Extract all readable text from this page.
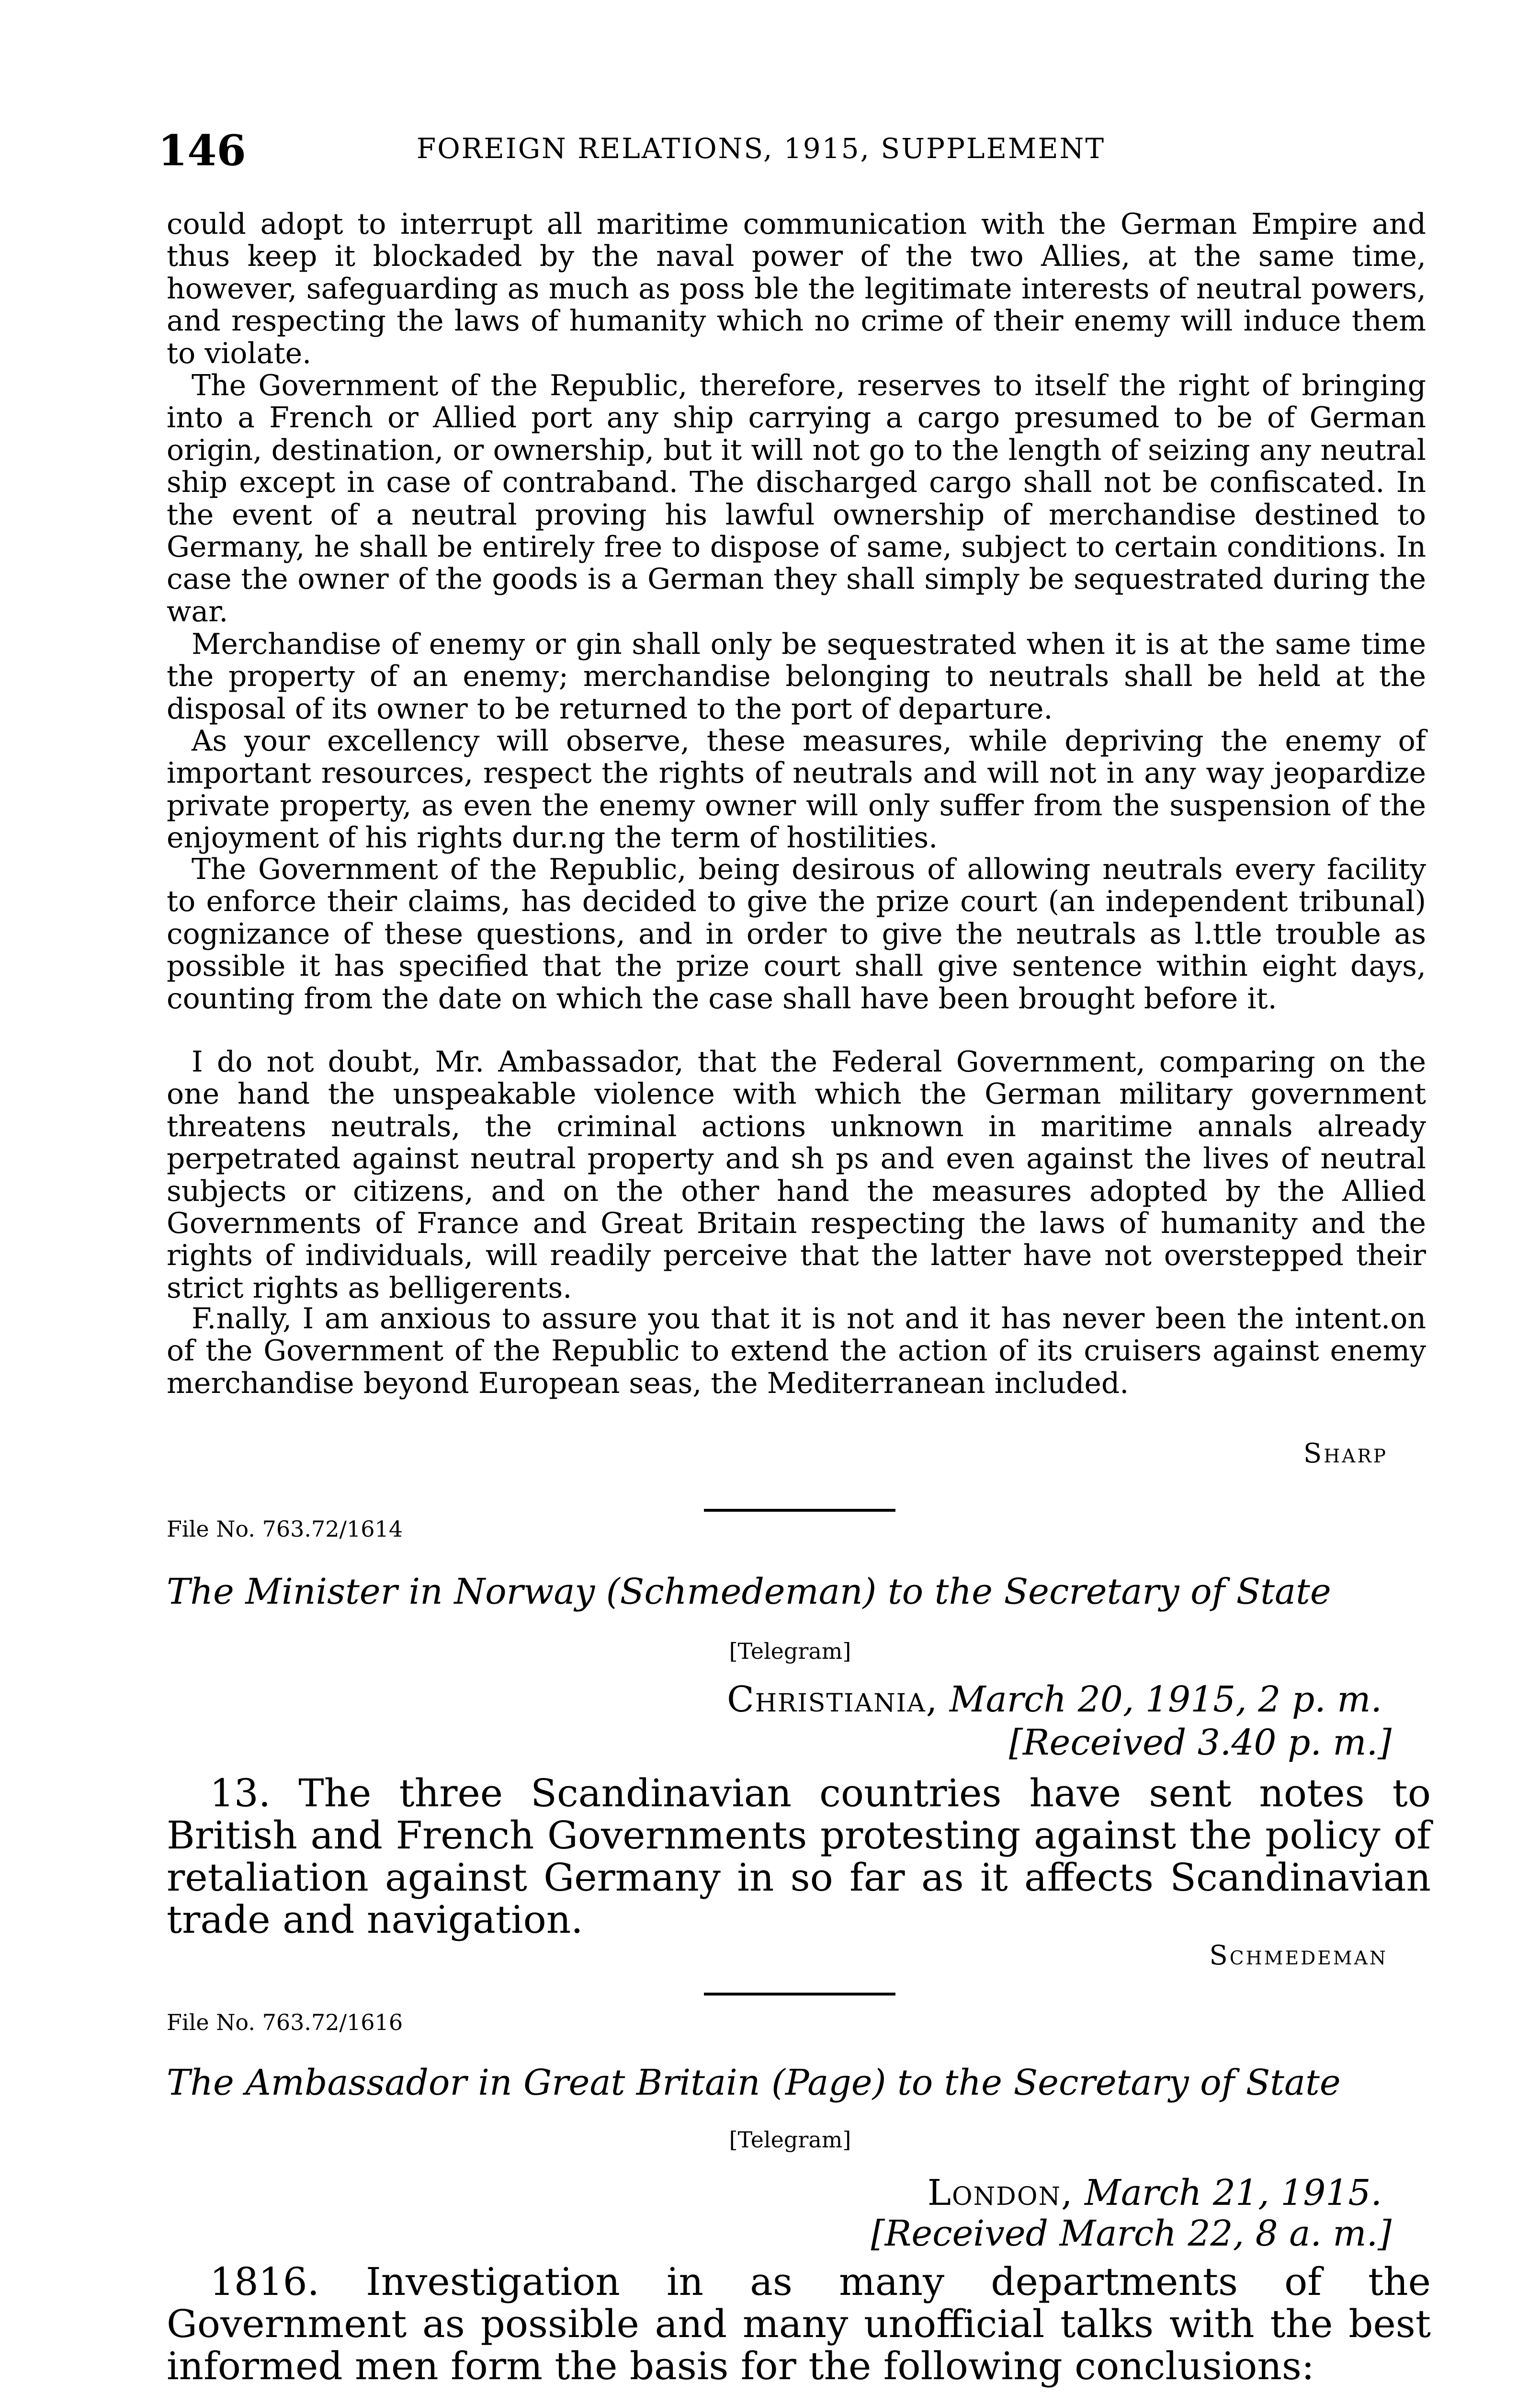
146	FOREIGN RELATIONS, 1915, SUPPLEMENT

could adopt to interrupt all maritime communication with the German Empire and thus keep it blockaded by the naval power of the two Allies, at the same time, however, safeguarding as much as poss ble the legitimate interests of neutral powers, and respecting the laws of humanity which no crime of their enemy will induce them to violate.

The Government of the Republic, therefore, reserves to itself the right of bringing into a French or Allied port any ship carrying a cargo presumed to be of German origin, destination, or ownership, but it will not go to the length of seizing any neutral ship except in case of contraband. The discharged cargo shall not be confiscated. In the event of a neutral proving his lawful ownership of merchandise destined to Germany, he shall be entirely free to dispose of same, subject to certain conditions. In case the owner of the goods is a German they shall simply be sequestrated during the war.

Merchandise of enemy or gin shall only be sequestrated when it is at the same time the property of an enemy; merchandise belonging to neutrals shall be held at the disposal of its owner to be returned to the port of departure.

As your excellency will observe, these measures, while depriving the enemy of important resources, respect the rights of neutrals and will not in any way jeopardize private property, as even the enemy owner will only suffer from the suspension of the enjoyment of his rights dur.ng the term of hostilities.

The Government of the Republic, being desirous of allowing neutrals every facility to enforce their claims, has decided to give the prize court (an independent tribunal) cognizance of these questions, and in order to give the neutrals as l.ttle trouble as possible it has specified that the prize court shall give sentence within eight days, counting from the date on which the case shall have been brought before it.

I do not doubt, Mr. Ambassador, that the Federal Government, comparing on the one hand the unspeakable violence with which the German military government threatens neutrals, the criminal actions unknown in maritime annals already perpetrated against neutral property and sh ps and even against the lives of neutral subjects or citizens, and on the other hand the measures adopted by the Allied Governments of France and Great Britain respecting the laws of humanity and the rights of individuals, will readily perceive that the latter have not overstepped their strict rights as belligerents.

F.nally, I am anxious to assure you that it is not and it has never been the intent.on of the Government of the Republic to extend the action of its cruisers against enemy merchandise beyond European seas, the Mediterranean included.

Sharp
File No. 763.72/1614
The Minister in Norway (Schmedeman) to the Secretary of State
[Telegram]
Christiania, March 20, 1915, 2 p. m.
[Received 3.40 p. m.]

13. The three Scandinavian countries have sent notes to British and French Governments protesting against the policy of retaliation against Germany in so far as it affects Scandinavian trade and navigation.

Schmedeman
File No. 763.72/1616
The Ambassador in Great Britain (Page) to the Secretary of State
[Telegram]
London, March 21, 1915.
[Received March 22, 8 a. m.]

1816. Investigation in as many departments of the Government as possible and many unofficial talks with the best informed men form the basis for the following conclusions:
